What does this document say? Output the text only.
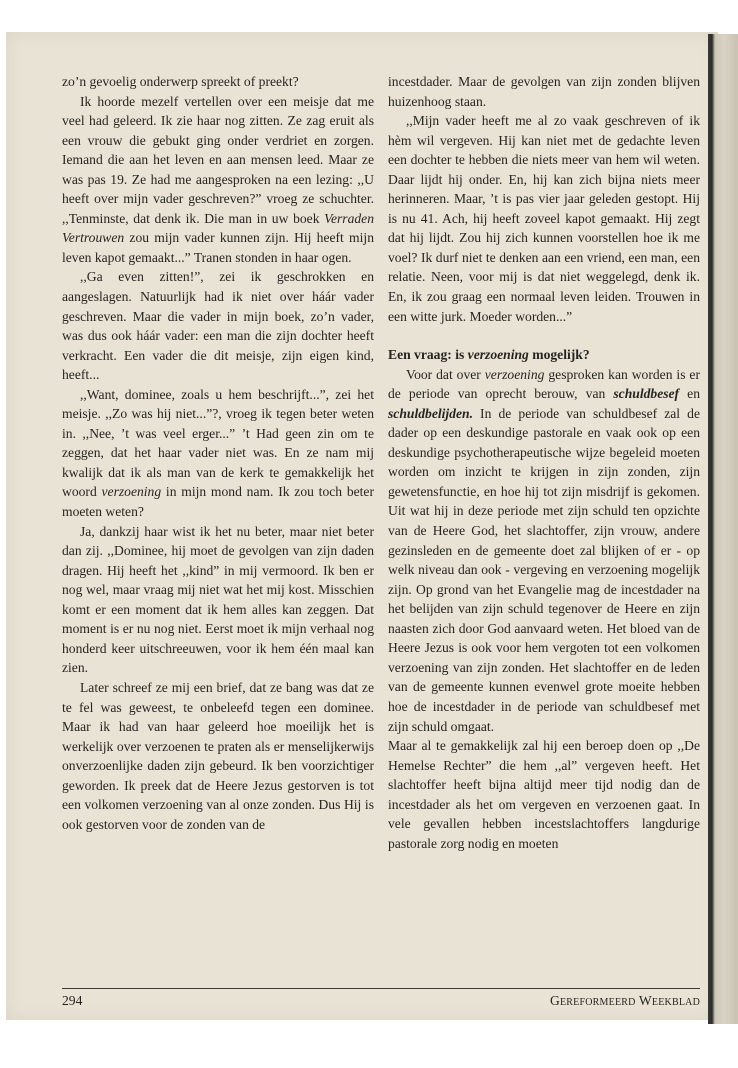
zo’n gevoelig onderwerp spreekt of preekt?

Ik hoorde mezelf vertellen over een meisje dat me veel had geleerd. Ik zie haar nog zitten. Ze zag eruit als een vrouw die gebukt ging onder verdriet en zorgen. Iemand die aan het leven en aan mensen leed. Maar ze was pas 19. Ze had me aangesproken na een lezing: ,,U heeft over mijn vader geschreven?” vroeg ze schuchter. ,,Tenminste, dat denk ik. Die man in uw boek Verraden Vertrouwen zou mijn vader kunnen zijn. Hij heeft mijn leven kapot gemaakt...” Tranen stonden in haar ogen.

,,Ga even zitten!”, zei ik geschrokken en aangeslagen. Natuurlijk had ik niet over háár vader geschreven. Maar die vader in mijn boek, zo’n vader, was dus ook háár vader: een man die zijn dochter heeft verkracht. Een vader die dit meisje, zijn eigen kind, heeft...

,,Want, dominee, zoals u hem beschrijft...”, zei het meisje. ,,Zo was hij niet...”?, vroeg ik tegen beter weten in. ,,Nee, ’t was veel erger...” ’t Had geen zin om te zeggen, dat het haar vader niet was. En ze nam mij kwalijk dat ik als man van de kerk te gemakkelijk het woord verzoening in mijn mond nam. Ik zou toch beter moeten weten?

Ja, dankzij haar wist ik het nu beter, maar niet beter dan zij. ,,Dominee, hij moet de gevolgen van zijn daden dragen. Hij heeft het ,,kind” in mij vermoord. Ik ben er nog wel, maar vraag mij niet wat het mij kost. Misschien komt er een moment dat ik hem alles kan zeggen. Dat moment is er nu nog niet. Eerst moet ik mijn verhaal nog honderd keer uitschreeuwen, voor ik hem één maal kan zien.

Later schreef ze mij een brief, dat ze bang was dat ze te fel was geweest, te onbeleefd tegen een dominee. Maar ik had van haar geleerd hoe moeilijk het is werkelijk over verzoenen te praten als er menselijkerwijs onverzoenlijke daden zijn gebeurd. Ik ben voorzichtiger geworden. Ik preek dat de Heere Jezus gestorven is tot een volkomen verzoening van al onze zonden. Dus Hij is ook gestorven voor de zonden van de

incestdader. Maar de gevolgen van zijn zonden blijven huizenhoog staan.

,,Mijn vader heeft me al zo vaak geschreven of ik hèm wil vergeven. Hij kan niet met de gedachte leven een dochter te hebben die niets meer van hem wil weten. Daar lijdt hij onder. En, hij kan zich bijna niets meer herinneren. Maar, ’t is pas vier jaar geleden gestopt. Hij is nu 41. Ach, hij heeft zoveel kapot gemaakt. Hij zegt dat hij lijdt. Zou hij zich kunnen voorstellen hoe ik me voel? Ik durf niet te denken aan een vriend, een man, een relatie. Neen, voor mij is dat niet weggelegd, denk ik. En, ik zou graag een normaal leven leiden. Trouwen in een witte jurk. Moeder worden...”

Een vraag: is verzoening mogelijk?

Voor dat over verzoening gesproken kan worden is er de periode van oprecht berouw, van schuldbesef en schuldbelijden. In de periode van schuldbesef zal de dader op een deskundige pastorale en vaak ook op een deskundige psychotherapeutische wijze begeleid moeten worden om inzicht te krijgen in zijn zonden, zijn gewetensfunctie, en hoe hij tot zijn misdrijf is gekomen. Uit wat hij in deze periode met zijn schuld ten opzichte van de Heere God, het slachtoffer, zijn vrouw, andere gezinsleden en de gemeente doet zal blijken of er - op welk niveau dan ook - vergeving en verzoening mogelijk zijn. Op grond van het Evangelie mag de incestdader na het belijden van zijn schuld tegenover de Heere en zijn naasten zich door God aanvaard weten. Het bloed van de Heere Jezus is ook voor hem vergoten tot een volkomen verzoening van zijn zonden. Het slachtoffer en de leden van de gemeente kunnen evenwel grote moeite hebben hoe de incestdader in de periode van schuldbesef met zijn schuld omgaat.

Maar al te gemakkelijk zal hij een beroep doen op ,,De Hemelse Rechter” die hem ,,al” vergeven heeft. Het slachtoffer heeft bijna altijd meer tijd nodig dan de incestdader als het om vergeven en verzoenen gaat. In vele gevallen hebben incestslachtoffers langdurige pastorale zorg nodig en moeten

294	Gereformeerd Weekblad
